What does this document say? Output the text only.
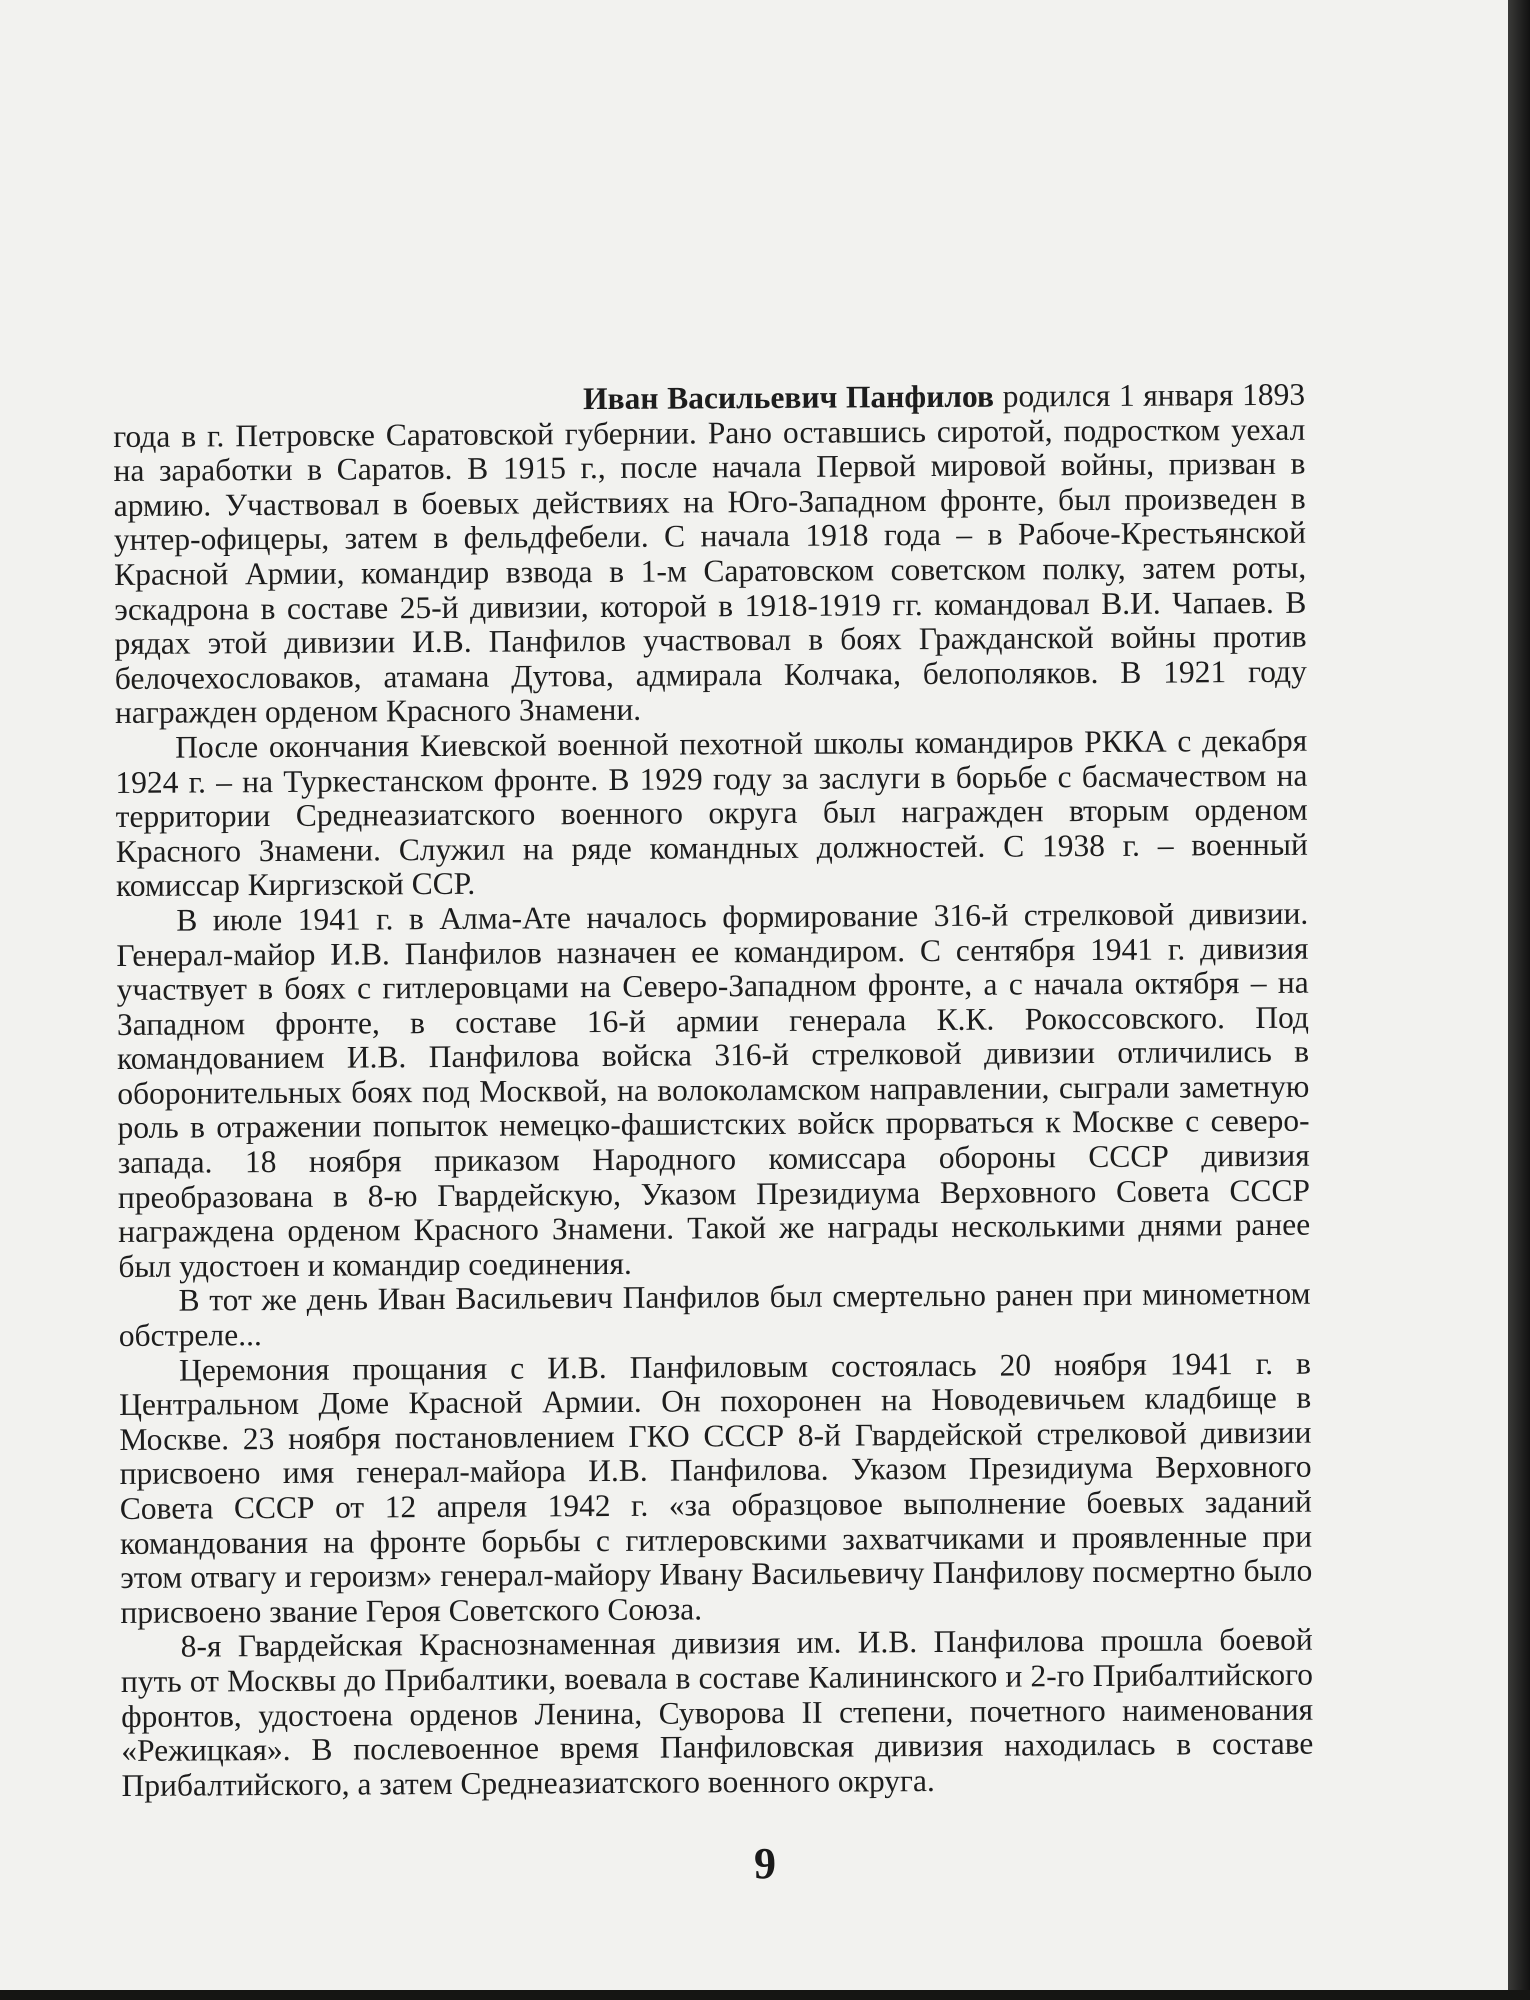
Иван Васильевич Панфилов родился 1 января 1893 года в г. Петровске Саратовской губернии. Рано оставшись сиротой, подростком уехал на заработки в Саратов. В 1915 г., после начала Первой мировой войны, призван в армию. Участвовал в боевых действиях на Юго-Западном фронте, был произведен в унтер-офицеры, затем в фельдфебели. С начала 1918 года – в Рабоче-Крестьянской Красной Армии, командир взвода в 1-м Саратовском советском полку, затем роты, эскадрона в составе 25-й дивизии, которой в 1918-1919 гг. командовал В.И. Чапаев. В рядах этой дивизии И.В. Панфилов участвовал в боях Гражданской войны против белочехословаков, атамана Дутова, адмирала Колчака, белополяков. В 1921 году награжден орденом Красного Знамени.

После окончания Киевской военной пехотной школы командиров РККА с декабря 1924 г. – на Туркестанском фронте. В 1929 году за заслуги в борьбе с басмачеством на территории Среднеазиатского военного округа был награжден вторым орденом Красного Знамени. Служил на ряде командных должностей. С 1938 г. – военный комиссар Киргизской ССР.

В июле 1941 г. в Алма-Ате началось формирование 316-й стрелковой дивизии. Генерал-майор И.В. Панфилов назначен ее командиром. С сентября 1941 г. дивизия участвует в боях с гитлеровцами на Северо-Западном фронте, а с начала октября – на Западном фронте, в составе 16-й армии генерала К.К. Рокоссовского. Под командованием И.В. Панфилова войска 316-й стрелковой дивизии отличились в оборонительных боях под Москвой, на волоколамском направлении, сыграли заметную роль в отражении попыток немецко-фашистских войск прорваться к Москве с северо-запада. 18 ноября приказом Народного комиссара обороны СССР дивизия преобразована в 8-ю Гвардейскую, Указом Президиума Верховного Совета СССР награждена орденом Красного Знамени. Такой же награды несколькими днями ранее был удостоен и командир соединения.

В тот же день Иван Васильевич Панфилов был смертельно ранен при минометном обстреле...

Церемония прощания с И.В. Панфиловым состоялась 20 ноября 1941 г. в Центральном Доме Красной Армии. Он похоронен на Новодевичьем кладбище в Москве. 23 ноября постановлением ГКО СССР 8-й Гвардейской стрелковой дивизии присвоено имя генерал-майора И.В. Панфилова. Указом Президиума Верховного Совета СССР от 12 апреля 1942 г. «за образцовое выполнение боевых заданий командования на фронте борьбы с гитлеровскими захватчиками и проявленные при этом отвагу и героизм» генерал-майору Ивану Васильевичу Панфилову посмертно было присвоено звание Героя Советского Союза.

8-я Гвардейская Краснознаменная дивизия им. И.В. Панфилова прошла боевой путь от Москвы до Прибалтики, воевала в составе Калининского и 2-го Прибалтийского фронтов, удостоена орденов Ленина, Суворова II степени, почетного наименования «Режицкая». В послевоенное время Панфиловская дивизия находилась в составе Прибалтийского, а затем Среднеазиатского военного округа.

9
